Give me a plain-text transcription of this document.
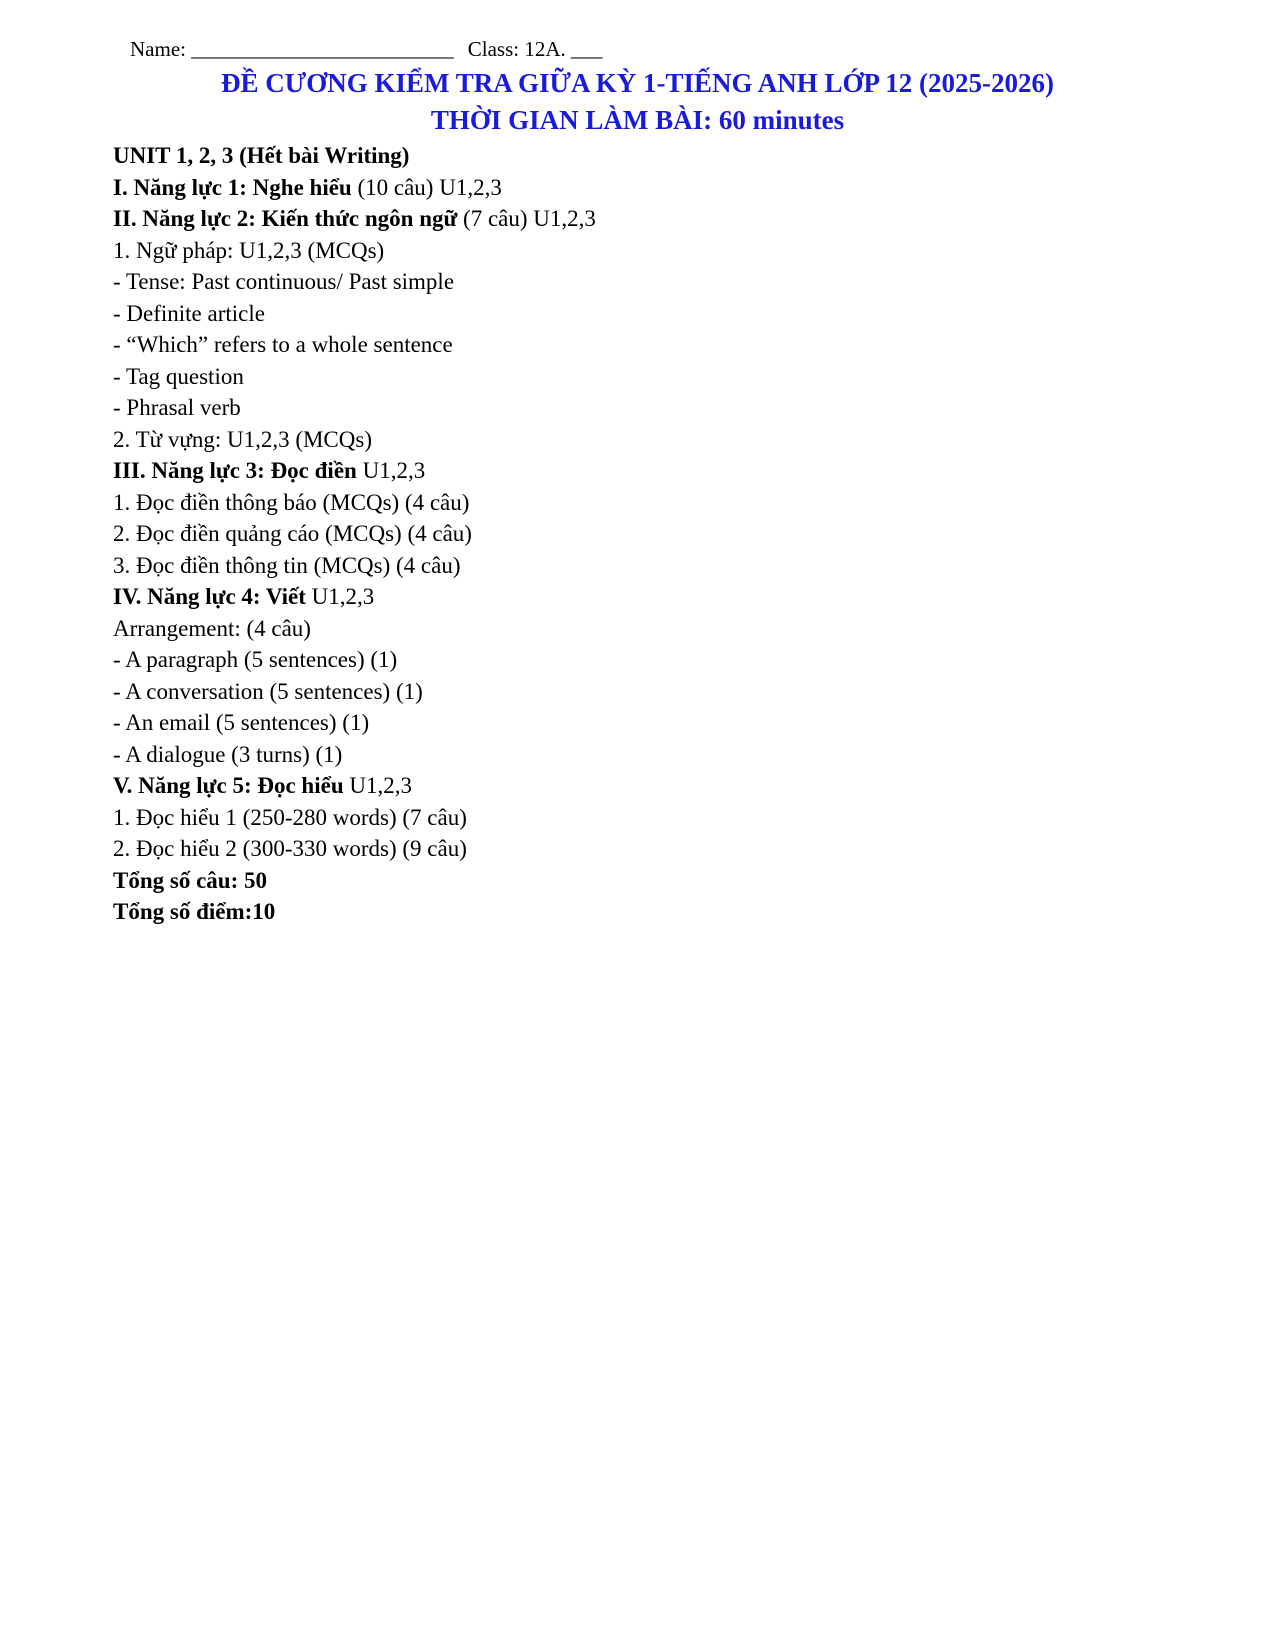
Name: _________________________ Class: 12A. ___
ĐỀ CƯƠNG KIỂM TRA GIỮA KỲ 1-TIẾNG ANH LỚP 12 (2025-2026)
THỜI GIAN LÀM BÀI: 60 minutes
UNIT 1, 2, 3 (Hết bài Writing)
I. Năng lực 1: Nghe hiểu (10 câu) U1,2,3
II. Năng lực 2: Kiến thức ngôn ngữ (7 câu) U1,2,3
1. Ngữ pháp: U1,2,3 (MCQs)
- Tense: Past continuous/ Past simple
- Definite article
- “Which” refers to a whole sentence
- Tag question
- Phrasal verb
2. Từ vựng: U1,2,3 (MCQs)
III. Năng lực 3: Đọc điền U1,2,3
1. Đọc điền thông báo (MCQs) (4 câu)
2. Đọc điền quảng cáo (MCQs) (4 câu)
3. Đọc điền thông tin (MCQs) (4 câu)
IV. Năng lực 4: Viết U1,2,3
Arrangement: (4 câu)
- A paragraph (5 sentences) (1)
- A conversation (5 sentences) (1)
- An email (5 sentences) (1)
- A dialogue (3 turns) (1)
V. Năng lực 5: Đọc hiểu U1,2,3
1. Đọc hiểu 1 (250-280 words) (7 câu)
2. Đọc hiểu 2 (300-330 words) (9 câu)
Tổng số câu: 50
Tổng số điểm:10
